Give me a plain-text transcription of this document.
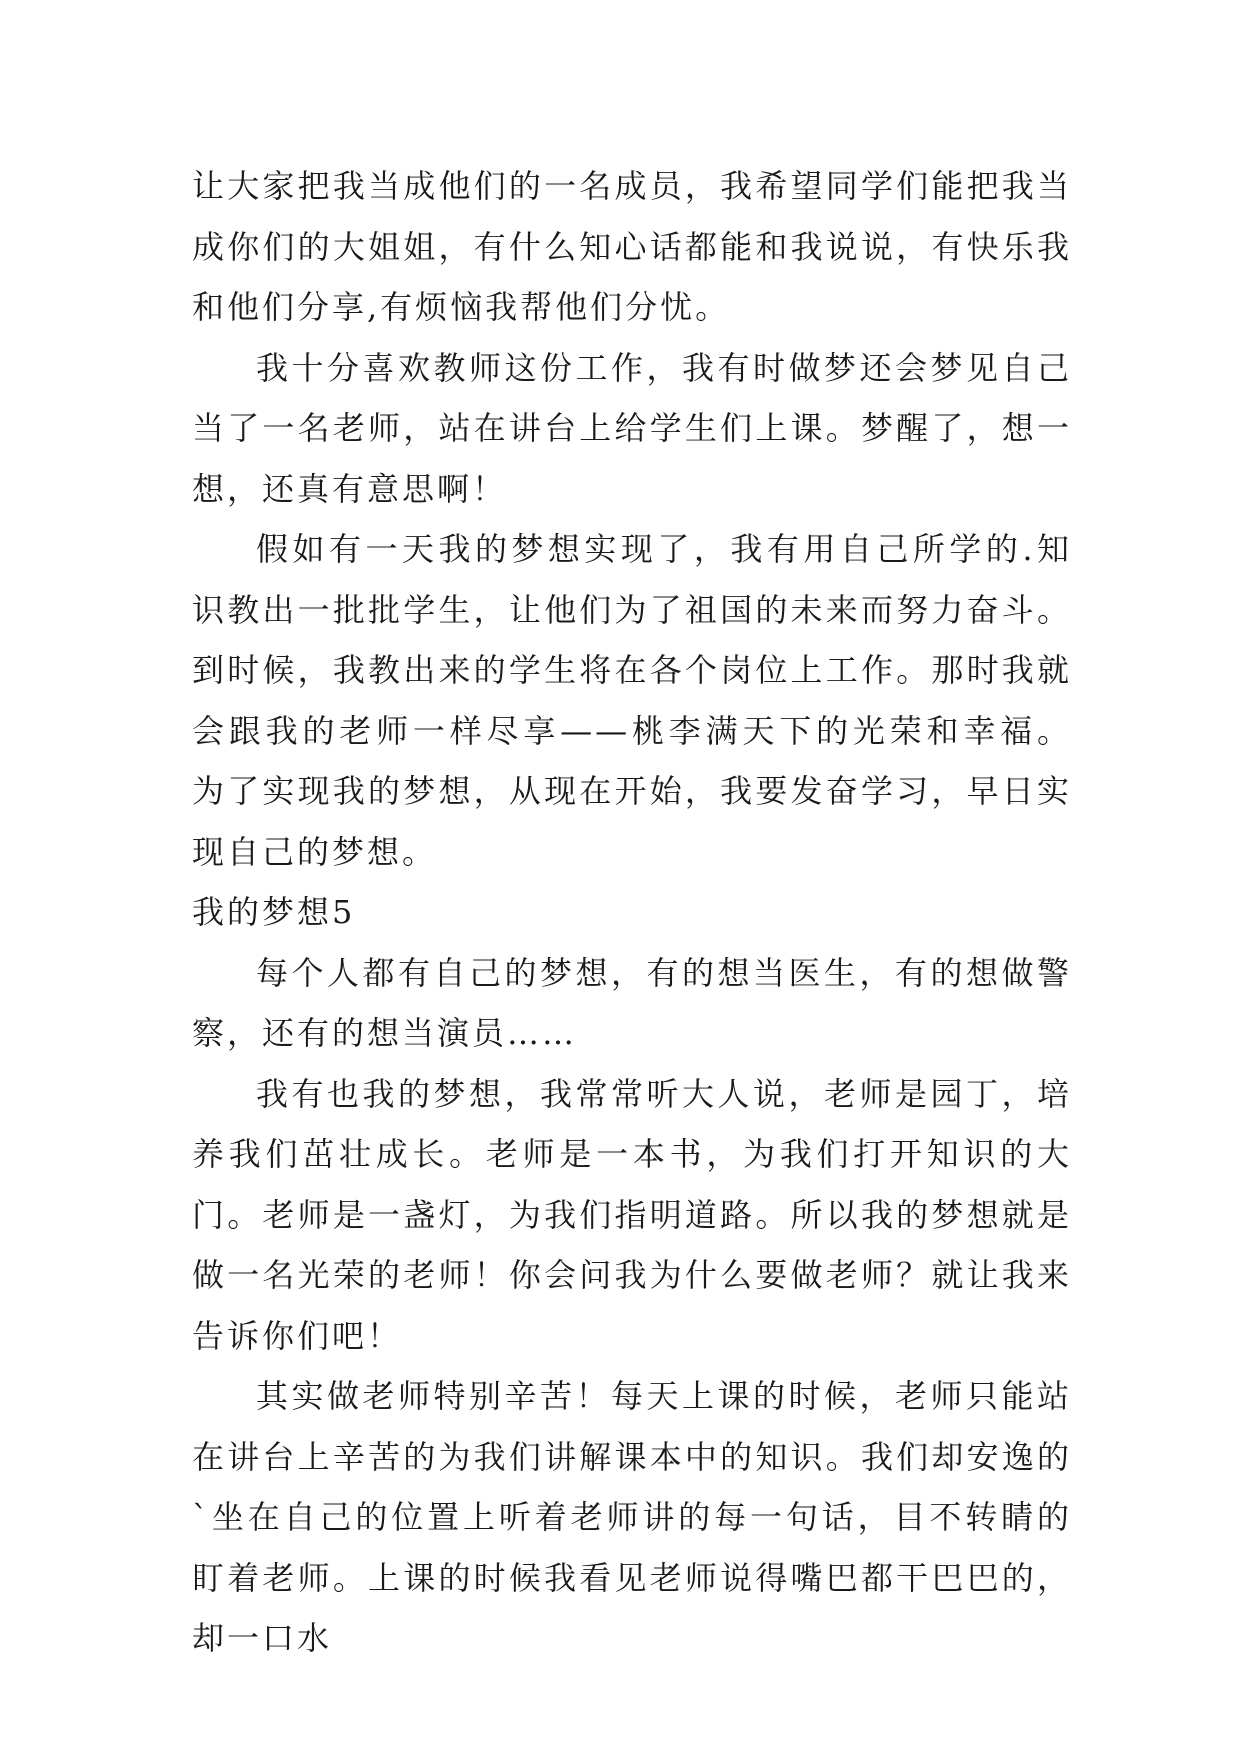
让大家把我当成他们的一名成员，我希望同学们能把我当成你们的大姐姐，有什么知心话都能和我说说，有快乐我和他们分享,有烦恼我帮他们分忧。

我十分喜欢教师这份工作，我有时做梦还会梦见自己当了一名老师，站在讲台上给学生们上课。梦醒了，想一想，还真有意思啊！

假如有一天我的梦想实现了，我有用自己所学的.知识教出一批批学生，让他们为了祖国的未来而努力奋斗。到时候，我教出来的学生将在各个岗位上工作。那时我就会跟我的老师一样尽享——桃李满天下的光荣和幸福。 为了实现我的梦想，从现在开始，我要发奋学习，早日实现自己的梦想。

我的梦想5

每个人都有自己的梦想，有的想当医生，有的想做警察，还有的想当演员……

我有也我的梦想，我常常听大人说，老师是园丁，培养我们茁壮成长。老师是一本书，为我们打开知识的大门。老师是一盏灯，为我们指明道路。所以我的梦想就是做一名光荣的老师！你会问我为什么要做老师？就让我来告诉你们吧！

其实做老师特别辛苦！每天上课的时候，老师只能站在讲台上辛苦的为我们讲解课本中的知识。我们却安逸的`坐在自己的位置上听着老师讲的每一句话，目不转睛的盯着老师。上课的时候我看见老师说得嘴巴都干巴巴的，却一口水
